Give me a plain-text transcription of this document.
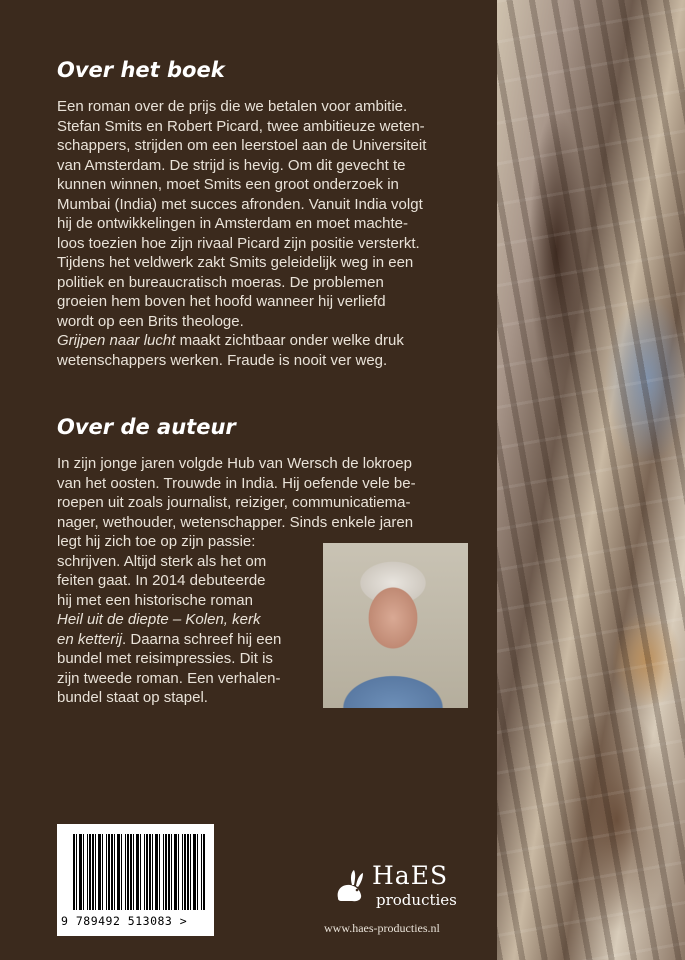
Over het boek
Een roman over de prijs die we betalen voor ambitie.
Stefan Smits en Robert Picard, twee ambitieuze weten-
schappers, strijden om een leerstoel aan de Universiteit
van Amsterdam. De strijd is hevig. Om dit gevecht te
kunnen winnen, moet Smits een groot onderzoek in
Mumbai (India) met succes afronden. Vanuit India volgt
hij de ontwikkelingen in Amsterdam en moet machte-
loos toezien hoe zijn rivaal Picard zijn positie versterkt.
Tijdens het veldwerk zakt Smits geleidelijk weg in een
politiek en bureaucratisch moeras. De problemen
groeien hem boven het hoofd wanneer hij verliefd
wordt op een Brits theologe.
Grijpen naar lucht maakt zichtbaar onder welke druk
wetenschappers werken. Fraude is nooit ver weg.
Over de auteur
In zijn jonge jaren volgde Hub van Wersch de lokroep
van het oosten. Trouwde in India. Hij oefende vele be-
roepen uit zoals journalist, reiziger, communicatiema-
nager, wethouder, wetenschapper. Sinds enkele jaren
legt hij zich toe op zijn passie:
schrijven. Altijd sterk als het om
feiten gaat. In 2014 debuteerde
hij met een historische roman
Heil uit de diepte – Kolen, kerk
en ketterij. Daarna schreef hij een
bundel met reisimpressies. Dit is
zijn tweede roman. Een verhalen-
bundel staat op stapel.
9 789492 513083 >
HaES
producties
www.haes-producties.nl
